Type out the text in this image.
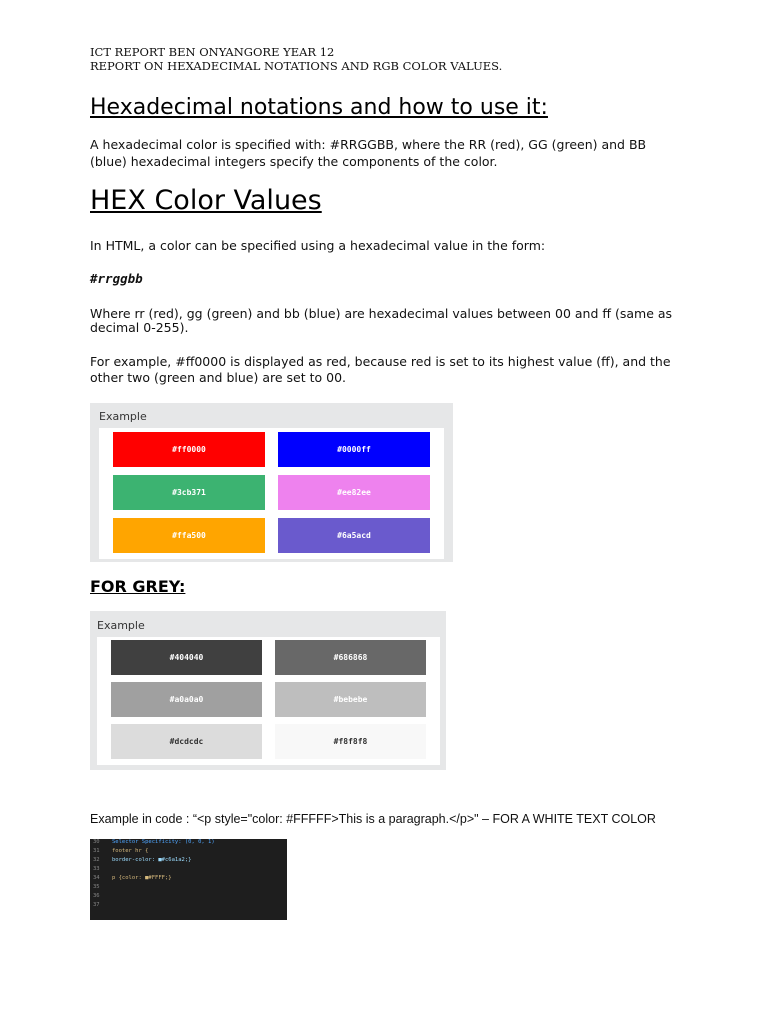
ICT REPORT BEN ONYANGORE YEAR 12
REPORT ON HEXADECIMAL NOTATIONS AND RGB COLOR VALUES.
Hexadecimal notations and how to use it:
A hexadecimal color is specified with: #RRGGBB, where the RR (red), GG (green) and BB
(blue) hexadecimal integers specify the components of the color.
HEX Color Values
In HTML, a color can be specified using a hexadecimal value in the form:
#rrggbb
Where rr (red), gg (green) and bb (blue) are hexadecimal values between 00 and ff (same as
decimal 0-255).
For example, #ff0000 is displayed as red, because red is set to its highest value (ff), and the
other two (green and blue) are set to 00.
Example
#ff0000	#0000ff
#3cb371	#ee82ee
#ffa500	#6a5acd
FOR GREY:
Example
#404040	#686868
#a0a0a0	#bebebe
#dcdcdc	#f8f8f8
Example in code : “<p style="color: #FFFFF>This is a paragraph.</p>" – FOR A WHITE TEXT COLOR
30	Selector Specificity: (0, 0, 1)
31	footer hr {
32	border-color: ■#c6a1a2;}
33
34	p {color: ■#FFFF;}
35
36
37
